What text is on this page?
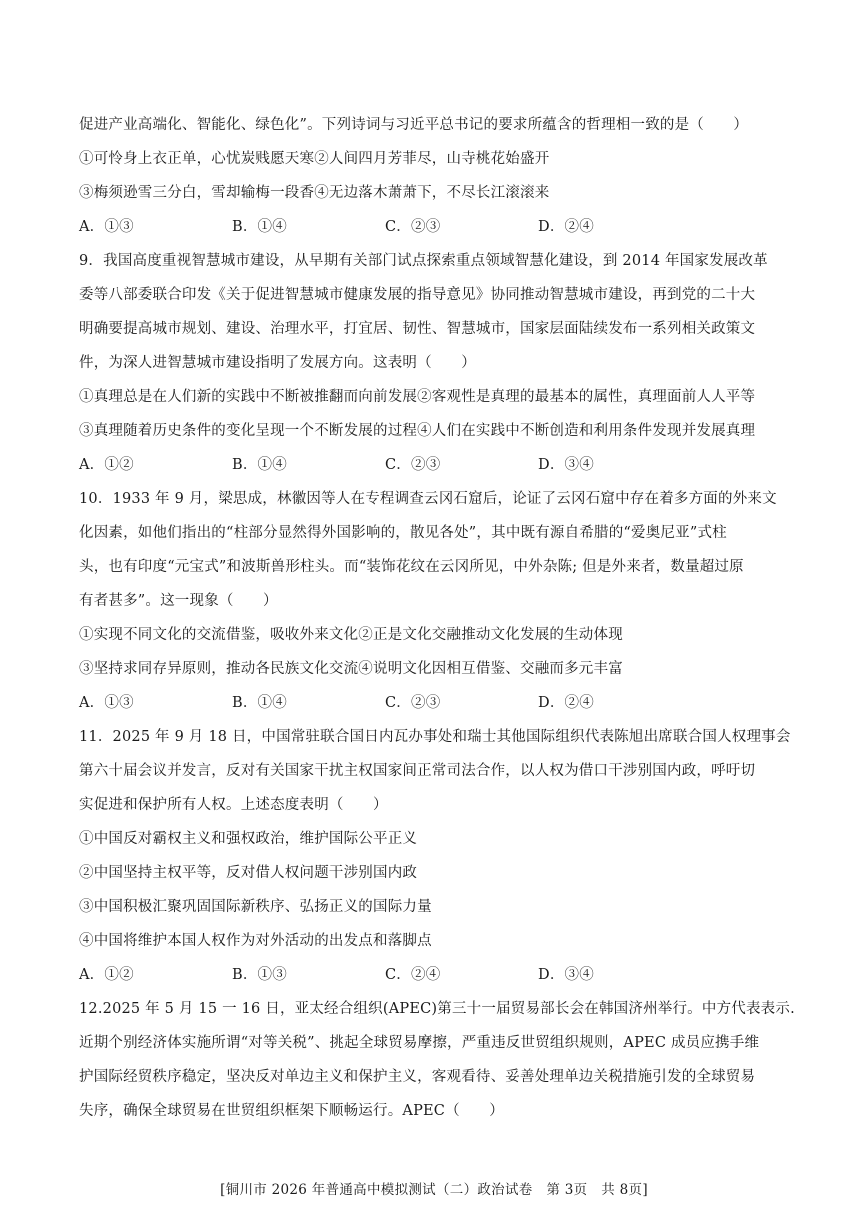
促进产业高端化、智能化、绿色化”。下列诗词与习近平总书记的要求所蕴含的哲理相一致的是（　　）
①可怜身上衣正单，心忧炭贱愿天寒②人间四月芳菲尽，山寺桃花始盛开
③梅须逊雪三分白，雪却输梅一段香④无边落木萧萧下，不尽长江滚滚来
A．①③	B．①④	C．②③	D．②④
9．我国高度重视智慧城市建设，从早期有关部门试点探索重点领域智慧化建设，到 2014 年国家发展改革
委等八部委联合印发《关于促进智慧城市健康发展的指导意见》协同推动智慧城市建设，再到党的二十大
明确要提高城市规划、建设、治理水平，打宜居、韧性、智慧城市，国家层面陆续发布一系列相关政策文
件，为深人进智慧城市建设指明了发展方向。这表明（　　）
①真理总是在人们新的实践中不断被推翻而向前发展②客观性是真理的最基本的属性，真理面前人人平等
③真理随着历史条件的变化呈现一个不断发展的过程④人们在实践中不断创造和利用条件发现并发展真理
A．①②	B．①④	C．②③	D．③④
10．1933 年 9 月，梁思成，林徽因等人在专程调查云冈石窟后，论证了云冈石窟中存在着多方面的外来文
化因素，如他们指出的“柱部分显然得外国影响的，散见各处”，其中既有源自希腊的“爱奥尼亚”式柱
头，也有印度“元宝式”和波斯兽形柱头。而“装饰花纹在云冈所见，中外杂陈; 但是外来者，数量超过原
有者甚多”。这一现象（　　）
①实现不同文化的交流借鉴，吸收外来文化②正是文化交融推动文化发展的生动体现
③坚持求同存异原则，推动各民族文化交流④说明文化因相互借鉴、交融而多元丰富
A．①③	B．①④	C．②③	D．②④
11．2025 年 9 月 18 日，中国常驻联合国日内瓦办事处和瑞士其他国际组织代表陈旭出席联合国人权理事会
第六十届会议并发言，反对有关国家干扰主权国家间正常司法合作，以人权为借口干涉别国内政，呼吁切
实促进和保护所有人权。上述态度表明（　　）
①中国反对霸权主义和强权政治，维护国际公平正义
②中国坚持主权平等，反对借人权问题干涉别国内政
③中国积极汇聚巩固国际新秩序、弘扬正义的国际力量
④中国将维护本国人权作为对外活动的出发点和落脚点
A．①②	B．①③	C．②④	D．③④
12.2025 年 5 月 15 一 16 日，亚太经合组织(APEC)第三十一届贸易部长会在韩国济州举行。中方代表表示.
近期个别经济体实施所谓“对等关税”、挑起全球贸易摩擦，严重违反世贸组织规则，APEC 成员应携手维
护国际经贸秩序稳定，坚决反对单边主义和保护主义，客观看待、妥善处理单边关税措施引发的全球贸易
失序，确保全球贸易在世贸组织框架下顺畅运行。APEC（　　）
[铜川市 2026 年普通高中模拟测试（二）政治试卷　第 3页　共 8页]
